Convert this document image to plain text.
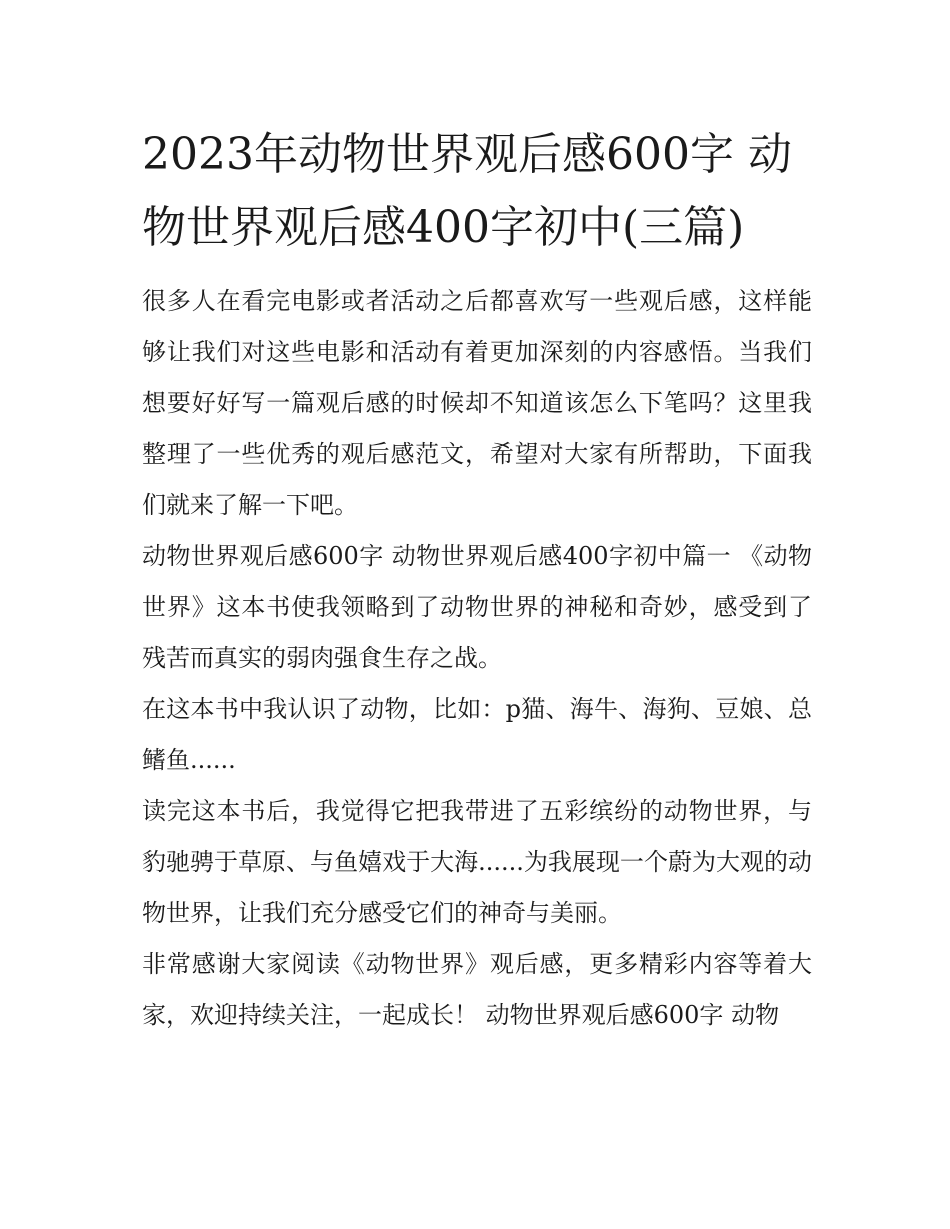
2023年动物世界观后感600字 动物世界观后感400字初中(三篇)

很多人在看完电影或者活动之后都喜欢写一些观后感，这样能够让我们对这些电影和活动有着更加深刻的内容感悟。当我们想要好好写一篇观后感的时候却不知道该怎么下笔吗？这里我整理了一些优秀的观后感范文，希望对大家有所帮助，下面我们就来了解一下吧。

动物世界观后感600字 动物世界观后感400字初中篇一 《动物世界》这本书使我领略到了动物世界的神秘和奇妙，感受到了残苦而真实的弱肉强食生存之战。

在这本书中我认识了动物，比如：p猫、海牛、海狗、豆娘、总鳍鱼......

读完这本书后，我觉得它把我带进了五彩缤纷的动物世界，与豹驰骋于草原、与鱼嬉戏于大海......为我展现一个蔚为大观的动物世界，让我们充分感受它们的神奇与美丽。

非常感谢大家阅读《动物世界》观后感，更多精彩内容等着大家，欢迎持续关注，一起成长！ 动物世界观后感600字 动物
